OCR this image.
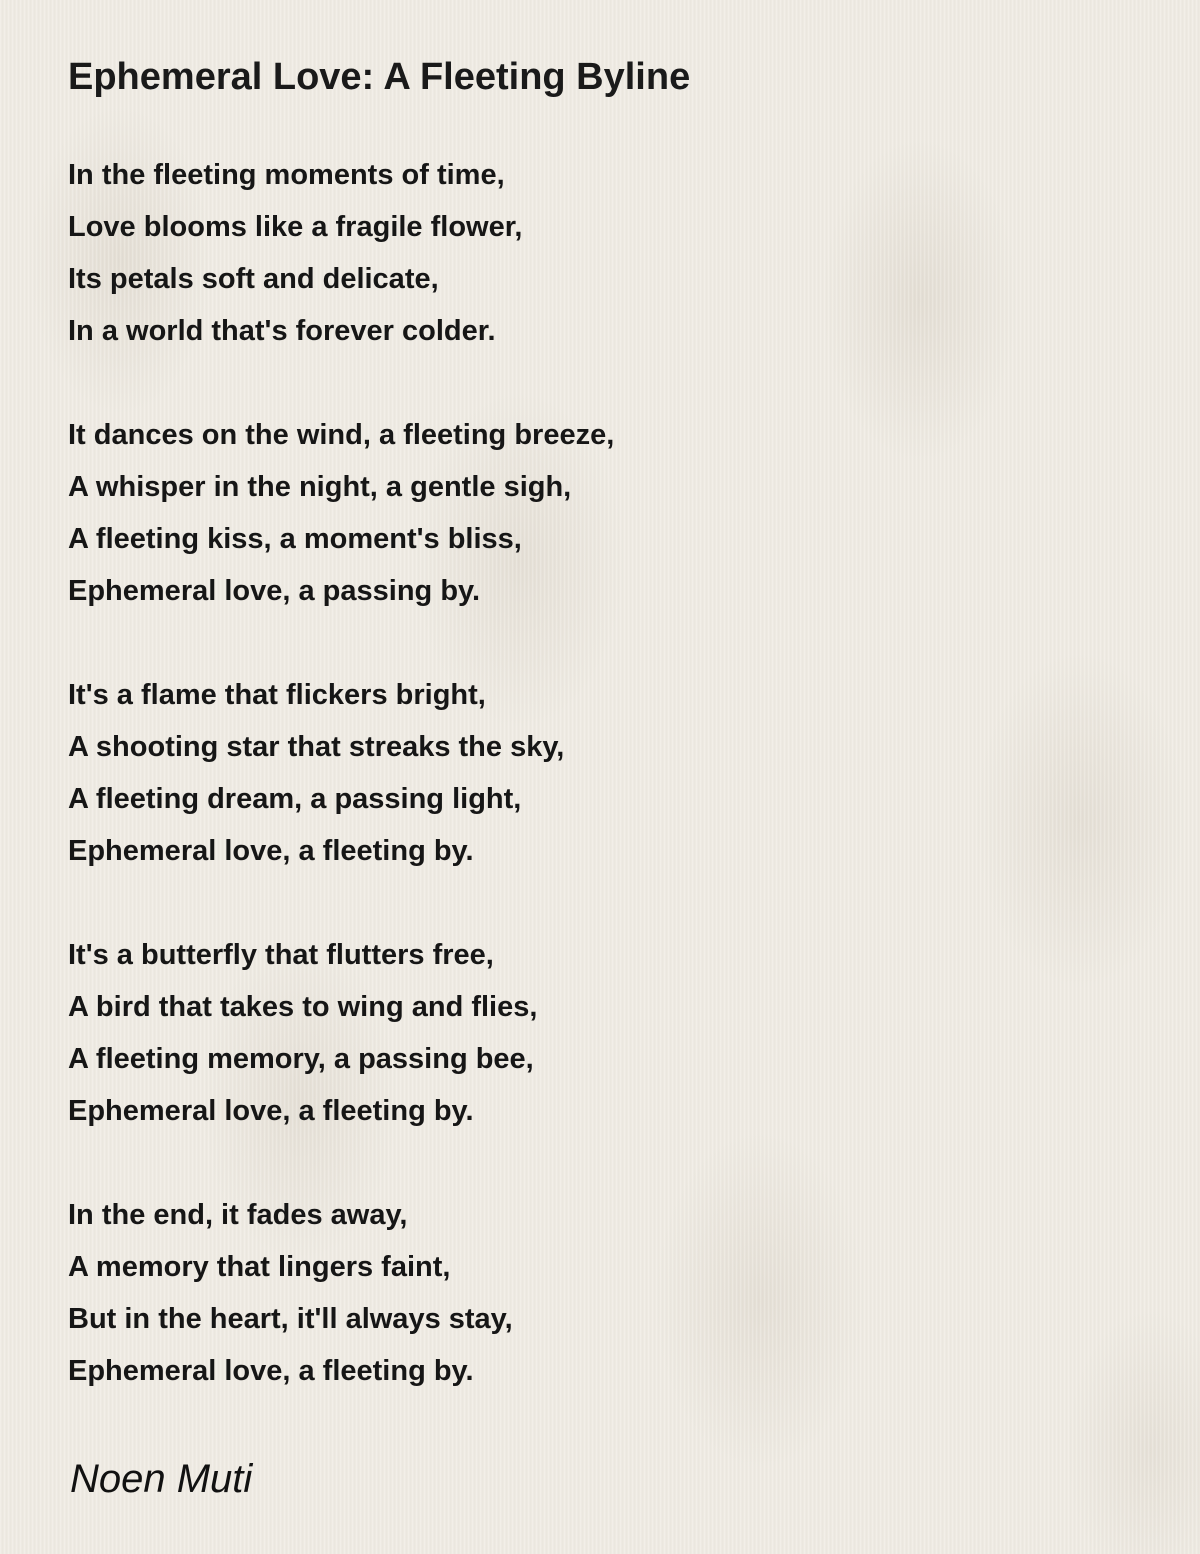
Ephemeral Love: A Fleeting Byline
In the fleeting moments of time,
Love blooms like a fragile flower,
Its petals soft and delicate,
In a world that's forever colder.
It dances on the wind, a fleeting breeze,
A whisper in the night, a gentle sigh,
A fleeting kiss, a moment's bliss,
Ephemeral love, a passing by.
It's a flame that flickers bright,
A shooting star that streaks the sky,
A fleeting dream, a passing light,
Ephemeral love, a fleeting by.
It's a butterfly that flutters free,
A bird that takes to wing and flies,
A fleeting memory, a passing bee,
Ephemeral love, a fleeting by.
In the end, it fades away,
A memory that lingers faint,
But in the heart, it'll always stay,
Ephemeral love, a fleeting by.
Noen Muti
